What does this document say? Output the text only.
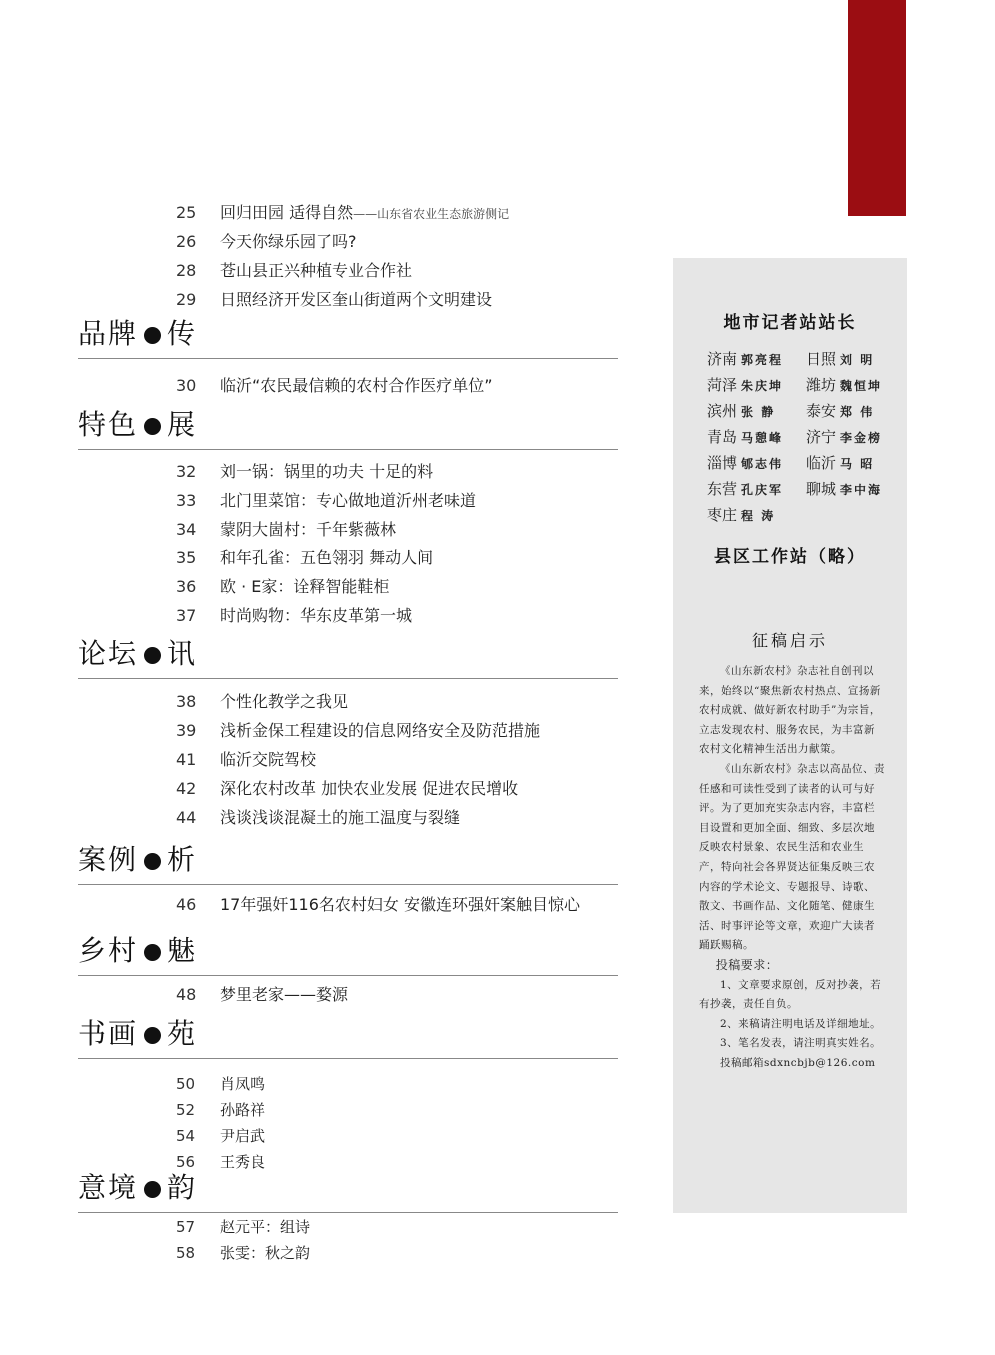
25 回归田园 适得自然——山东省农业生态旅游侧记
26 今天你绿乐园了吗?
28 苍山县正兴种植专业合作社
29 日照经济开发区奎山街道两个文明建设
品牌 传
30 临沂“农民最信赖的农村合作医疗单位”
特色 展
32 刘一锅：锅里的功夫 十足的料
33 北门里菜馆：专心做地道沂州老味道
34 蒙阴大崮村：千年紫薇林
35 和年孔雀：五色翎羽 舞动人间
36 欧 · E家：诠释智能鞋柜
37 时尚购物：华东皮革第一城
论坛 讯
38 个性化教学之我见
39 浅析金保工程建设的信息网络安全及防范措施
41 临沂交院驾校
42 深化农村改革 加快农业发展 促进农民增收
44 浅谈浅谈混凝土的施工温度与裂缝
案例 析
46 17年强奸116名农村妇女 安徽连环强奸案触目惊心
乡村 魅
48 梦里老家——婺源
书画 苑
50 肖凤鸣
52 孙路祥
54 尹启武
56 王秀良
意境 韵
57 赵元平：组诗
58 张雯：秋之韵
地市记者站站长
济南 郭亮程	日照 刘 明
菏泽 朱庆坤	潍坊 魏恒坤
滨州 张 静	泰安 郑 伟
青岛 马憩峰	济宁 李金榜
淄博 郇志伟	临沂 马 昭
东营 孔庆军	聊城 李中海
枣庄 程 涛
县区工作站（略）
征稿启示

《山东新农村》杂志社自创刊以来，始终以“聚焦新农村热点、宣扬新农村成就、做好新农村助手”为宗旨，立志发现农村、服务农民，为丰富新农村文化精神生活出力献策。

《山东新农村》杂志以高品位、责任感和可读性受到了读者的认可与好评。为了更加充实杂志内容，丰富栏目设置和更加全面、细致、多层次地反映农村景象、农民生活和农业生产，特向社会各界贤达征集反映三农内容的学术论文、专题报导、诗歌、散文、书画作品、文化随笔、健康生活、时事评论等文章，欢迎广大读者踊跃赐稿。

投稿要求：

1、文章要求原创，反对抄袭，若有抄袭，责任自负。

2、来稿请注明电话及详细地址。

3、笔名发表，请注明真实姓名。

投稿邮箱sdxncbjb@126.com
